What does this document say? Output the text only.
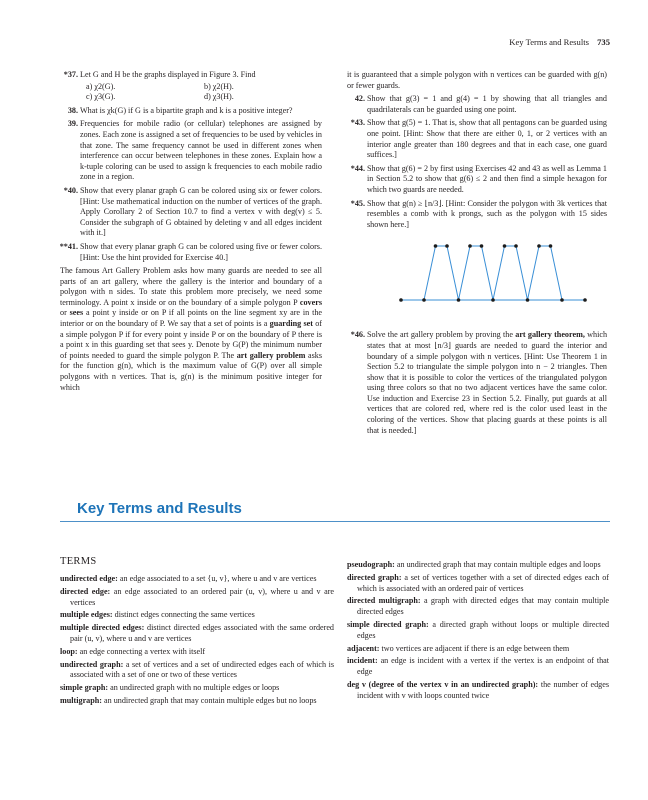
Key Terms and Results 735
*37. Let G and H be the graphs displayed in Figure 3. Find
a) χ2(G).	b) χ2(H).
c) χ3(G).	d) χ3(H).
38. What is χk(G) if G is a bipartite graph and k is a positive integer?
39. Frequencies for mobile radio (or cellular) telephones are assigned by zones. Each zone is assigned a set of frequencies to be used by vehicles in that zone. The same frequency cannot be used in different zones when interference can occur between telephones in these zones. Explain how a k-tuple coloring can be used to assign k frequencies to each mobile radio zone in a region.
*40. Show that every planar graph G can be colored using six or fewer colors. [Hint: Use mathematical induction on the number of vertices of the graph. Apply Corollary 2 of Section 10.7 to find a vertex v with deg(v) ≤ 5. Consider the subgraph of G obtained by deleting v and all edges incident with it.]
**41. Show that every planar graph G can be colored using five or fewer colors. [Hint: Use the hint provided for Exercise 40.]
The famous Art Gallery Problem asks how many guards are needed to see all parts of an art gallery, where the gallery is the interior and boundary of a polygon with n sides. To state this problem more precisely, we need some terminology. A point x inside or on the boundary of a simple polygon P covers or sees a point y inside or on P if all points on the line segment xy are in the interior or on the boundary of P. We say that a set of points is a guarding set of a simple polygon P if for every point y inside P or on the boundary of P there is a point x in this guarding set that sees y. Denote by G(P) the minimum number of points needed to guard the simple polygon P. The art gallery problem asks for the function g(n), which is the maximum value of G(P) over all simple polygons with n vertices. That is, g(n) is the minimum positive integer for which
it is guaranteed that a simple polygon with n vertices can be guarded with g(n) or fewer guards.
42. Show that g(3) = 1 and g(4) = 1 by showing that all triangles and quadrilaterals can be guarded using one point.
*43. Show that g(5) = 1. That is, show that all pentagons can be guarded using one point. [Hint: Show that there are either 0, 1, or 2 vertices with an interior angle greater than 180 degrees and that in each case, one guard suffices.]
*44. Show that g(6) = 2 by first using Exercises 42 and 43 as well as Lemma 1 in Section 5.2 to show that g(6) ≤ 2 and then find a simple hexagon for which two guards are needed.
*45. Show that g(n) ≥ ⌊n/3⌋. [Hint: Consider the polygon with 3k vertices that resembles a comb with k prongs, such as the polygon with 15 sides shown here.]
*46. Solve the art gallery problem by proving the art gallery theorem, which states that at most ⌊n/3⌋ guards are needed to guard the interior and boundary of a simple polygon with n vertices. [Hint: Use Theorem 1 in Section 5.2 to triangulate the simple polygon into n − 2 triangles. Then show that it is possible to color the vertices of the triangulated polygon using three colors so that no two adjacent vertices have the same color. Use induction and Exercise 23 in Section 5.2. Finally, put guards at all vertices that are colored red, where red is the color used least in the coloring of the vertices. Show that placing guards at these points is all that is needed.]
Key Terms and Results
TERMS
undirected edge: an edge associated to a set {u, v}, where u and v are vertices
directed edge: an edge associated to an ordered pair (u, v), where u and v are vertices
multiple edges: distinct edges connecting the same vertices
multiple directed edges: distinct directed edges associated with the same ordered pair (u, v), where u and v are vertices
loop: an edge connecting a vertex with itself
undirected graph: a set of vertices and a set of undirected edges each of which is associated with a set of one or two of these vertices
simple graph: an undirected graph with no multiple edges or loops
multigraph: an undirected graph that may contain multiple edges but no loops
pseudograph: an undirected graph that may contain multiple edges and loops
directed graph: a set of vertices together with a set of directed edges each of which is associated with an ordered pair of vertices
directed multigraph: a graph with directed edges that may contain multiple directed edges
simple directed graph: a directed graph without loops or multiple directed edges
adjacent: two vertices are adjacent if there is an edge between them
incident: an edge is incident with a vertex if the vertex is an endpoint of that edge
deg v (degree of the vertex v in an undirected graph): the number of edges incident with v with loops counted twice
